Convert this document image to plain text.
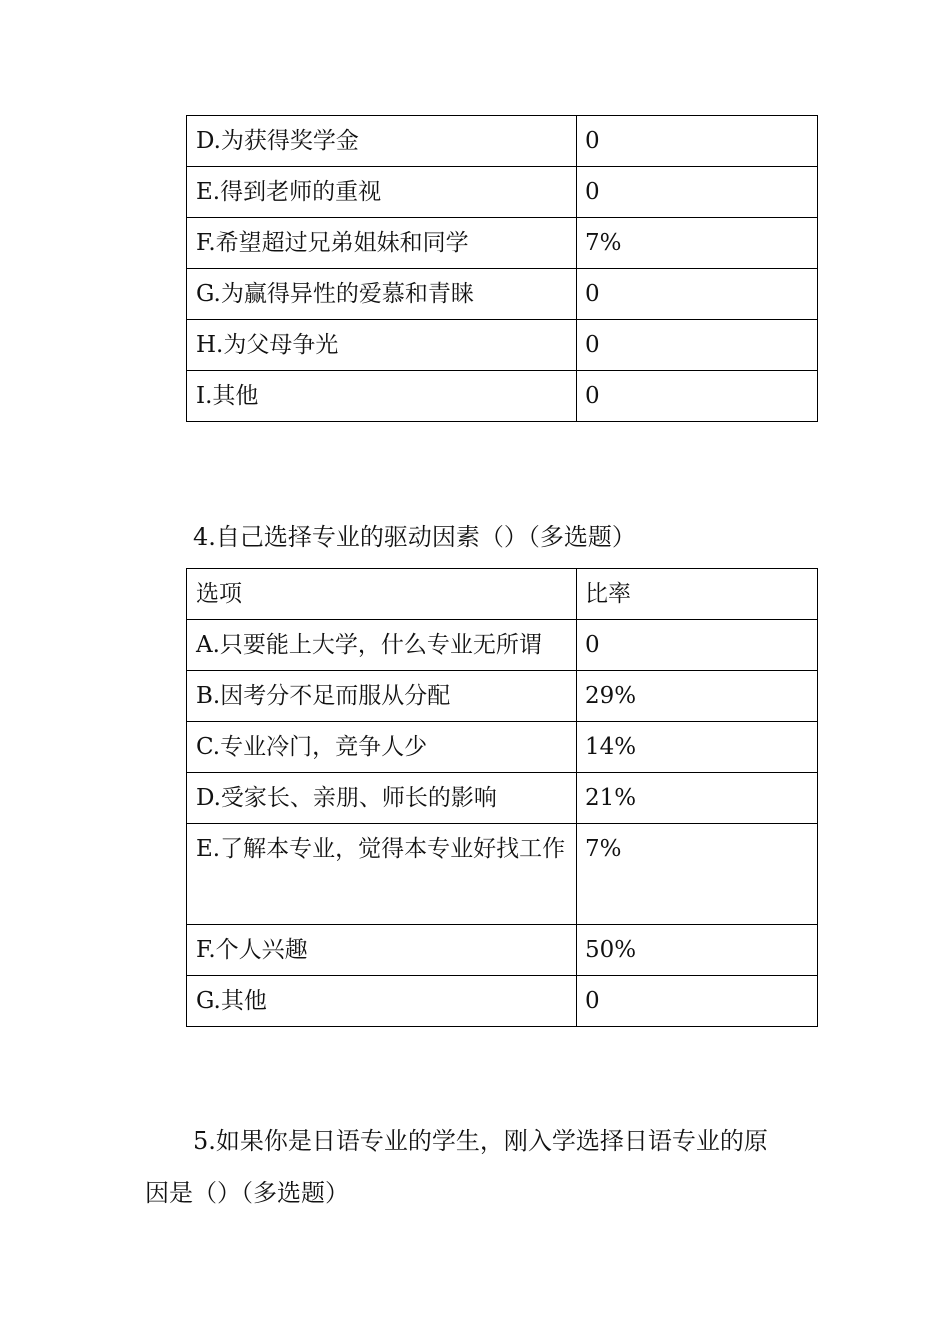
D.为获得奖学金	0
E.得到老师的重视	0
F.希望超过兄弟姐妹和同学	7%
G.为赢得异性的爱慕和青睐	0
H.为父母争光	0
I.其他	0
4.自己选择专业的驱动因素（）（多选题）
选项	比率
A.只要能上大学，什么专业无所谓	0
B.因考分不足而服从分配	29%
C.专业冷门，竞争人少	14%
D.受家长、亲朋、师长的影响	21%
E.了解本专业，觉得本专业好找工作	7%
F.个人兴趣	50%
G.其他	0
5.如果你是日语专业的学生，刚入学选择日语专业的原
因是（）（多选题）
